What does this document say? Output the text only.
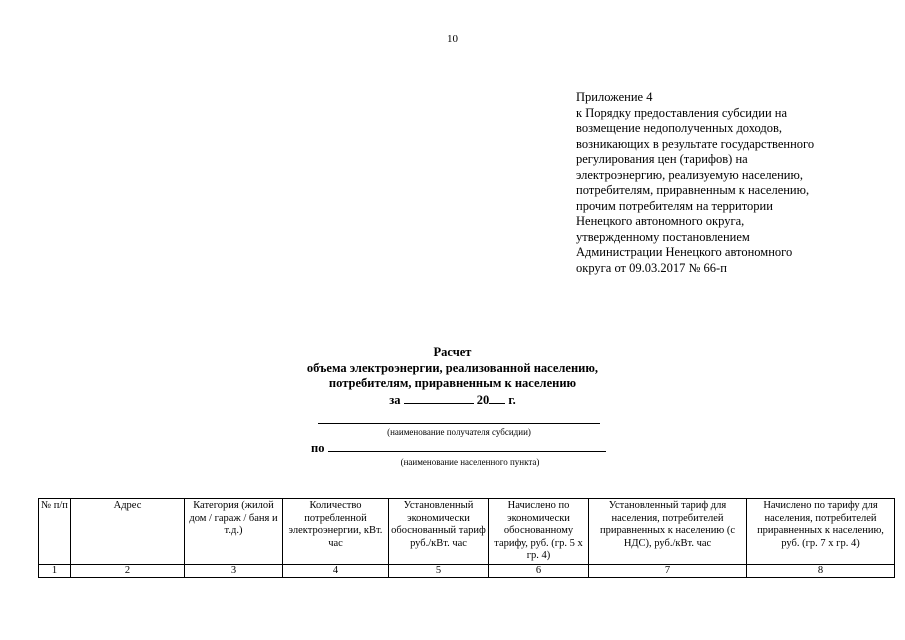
10
Приложение 4
к Порядку предоставления субсидии на
возмещение недополученных доходов,
возникающих в результате государственного
регулирования цен (тарифов) на
электроэнергию, реализуемую населению,
потребителям, приравненным к населению,
прочим потребителям на территории
Ненецкого автономного округа,
утвержденному постановлением
Администрации Ненецкого автономного
округа от 09.03.2017 № 66-п
Расчет
объема электроэнергии, реализованной населению,
потребителям, приравненным к населению
за	20 г.
(наименование получателя субсидии)
по
(наименование населенного пункта)
№ п/п	Адрес	Категория (жилой дом / гараж / баня и т.д.)	Количество потребленной электроэнергии, кВт. час	Установленный экономически обоснованный тариф руб./кВт. час	Начислено по экономически обоснованному тарифу, руб. (гр. 5 х гр. 4)	Установленный тариф для населения, потребителей приравненных к населению (с НДС), руб./кВт. час	Начислено по тарифу для населения, потребителей приравненных к населению, руб. (гр. 7 х гр. 4)
1	2	3	4	5	6	7	8
